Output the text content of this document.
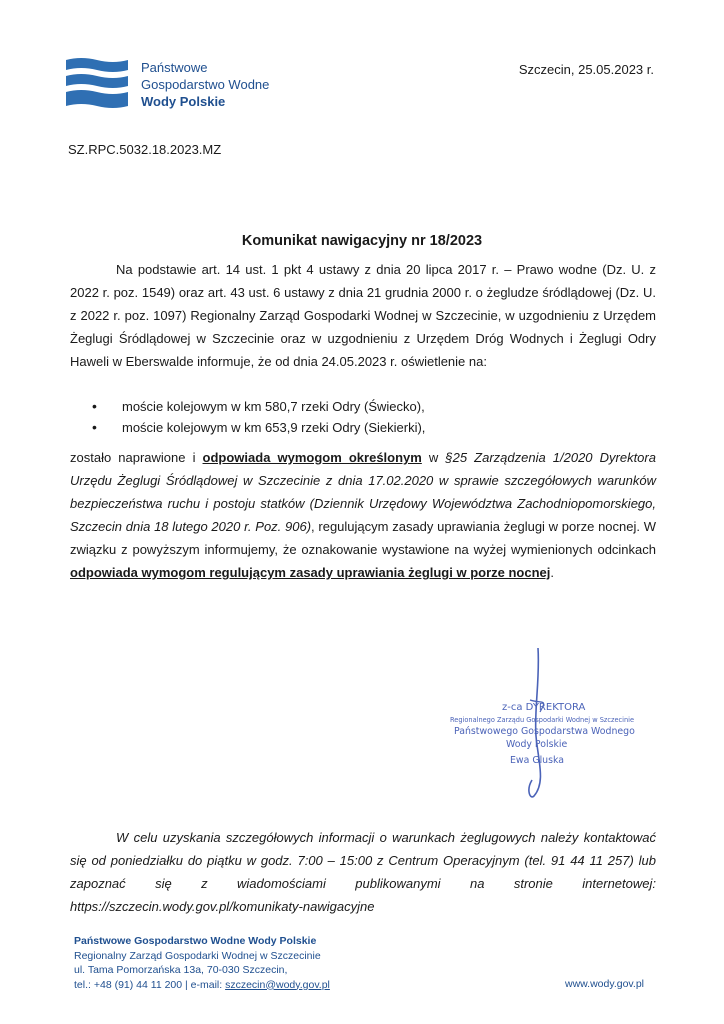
Państwowe
Gospodarstwo Wodne
Wody Polskie
Szczecin, 25.05.2023 r.
SZ.RPC.5032.18.2023.MZ
Komunikat nawigacyjny nr 18/2023
Na podstawie art. 14 ust. 1 pkt 4 ustawy z dnia 20 lipca 2017 r. – Prawo wodne (Dz. U. z 2022 r. poz. 1549) oraz art. 43 ust. 6 ustawy z dnia 21 grudnia 2000 r. o żegludze śródlądowej (Dz. U. z 2022 r. poz. 1097) Regionalny Zarząd Gospodarki Wodnej w Szczecinie, w uzgodnieniu z Urzędem Żeglugi Śródlądowej w Szczecinie oraz w uzgodnieniu z Urzędem Dróg Wodnych i Żeglugi Odry Haweli w Eberswalde informuje, że od dnia 24.05.2023 r. oświetlenie na:
• moście kolejowym w km 580,7 rzeki Odry (Świecko),
• moście kolejowym w km 653,9 rzeki Odry (Siekierki),
zostało naprawione i odpowiada wymogom określonym w §25 Zarządzenia 1/2020 Dyrektora Urzędu Żeglugi Śródlądowej w Szczecinie z dnia 17.02.2020 w sprawie szczegółowych warunków bezpieczeństwa ruchu i postoju statków (Dziennik Urzędowy Województwa Zachodniopomorskiego, Szczecin dnia 18 lutego 2020 r. Poz. 906), regulującym zasady uprawiania żeglugi w porze nocnej. W związku z powyższym informujemy, że oznakowanie wystawione na wyżej wymienionych odcinkach odpowiada wymogom regulującym zasady uprawiania żeglugi w porze nocnej.
z-ca DYREKTORA
Regionalnego Zarządu Gospodarki Wodnej w Szczecinie
Państwowego Gospodarstwa Wodnego
Wody Polskie
Ewa Gluska
W celu uzyskania szczegółowych informacji o warunkach żeglugowych należy kontaktować się od poniedziałku do piątku w godz. 7:00 – 15:00 z Centrum Operacyjnym (tel. 91 44 11 257) lub zapoznać się z wiadomościami publikowanymi na stronie internetowej: https://szczecin.wody.gov.pl/komunikaty-nawigacyjne
Państwowe Gospodarstwo Wodne Wody Polskie
Regionalny Zarząd Gospodarki Wodnej w Szczecinie
ul. Tama Pomorzańska 13a, 70-030 Szczecin,
tel.: +48 (91) 44 11 200 | e-mail: szczecin@wody.gov.pl	www.wody.gov.pl
